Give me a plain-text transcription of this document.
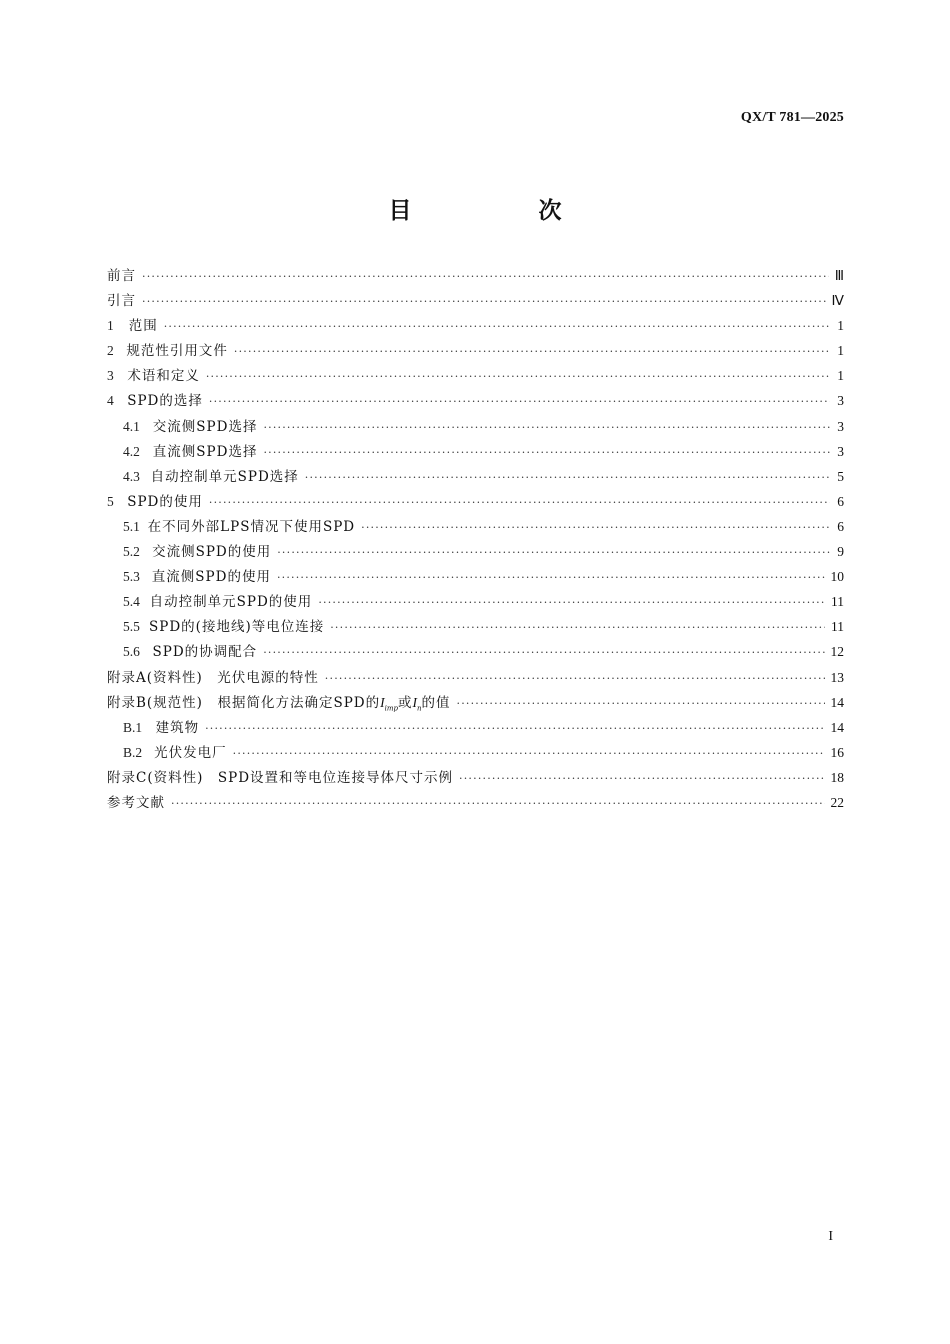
QX/T 781—2025
目　次
前言 ·····	Ⅲ
引言 ·····	Ⅳ
1	范围 ·····	1
2 规范性引用文件 ·····	1
3	术语和定义 ·····	1
4 SPD的选择 ·····	3
4.1 交流侧SPD选择 ·····	3
4.2 直流侧SPD选择 ·····	3
4.3 自动控制单元SPD选择 ·····	5
5 SPD的使用 ·····	6
5.1 在不同外部LPS情况下使用SPD ·····	6
5.2 交流侧SPD的使用 ·····	9
5.3 直流侧SPD的使用 ·····	10
5.4 自动控制单元SPD的使用 ·····	11
5.5 SPD的(接地线)等电位连接 ·····	11
5.6 SPD的协调配合 ·····	12
附录A(资料性)　光伏电源的特性 ·····	13
附录B(规范性)　根据简化方法确定SPD的$I_{imp}$或$I_n$的值 ·····	14
B.1 建筑物 ·····	14
B.2 光伏发电厂 ·····	16
附录C(资料性)　SPD设置和等电位连接导体尺寸示例 ·····	18
参考文献 ·····	22
I
